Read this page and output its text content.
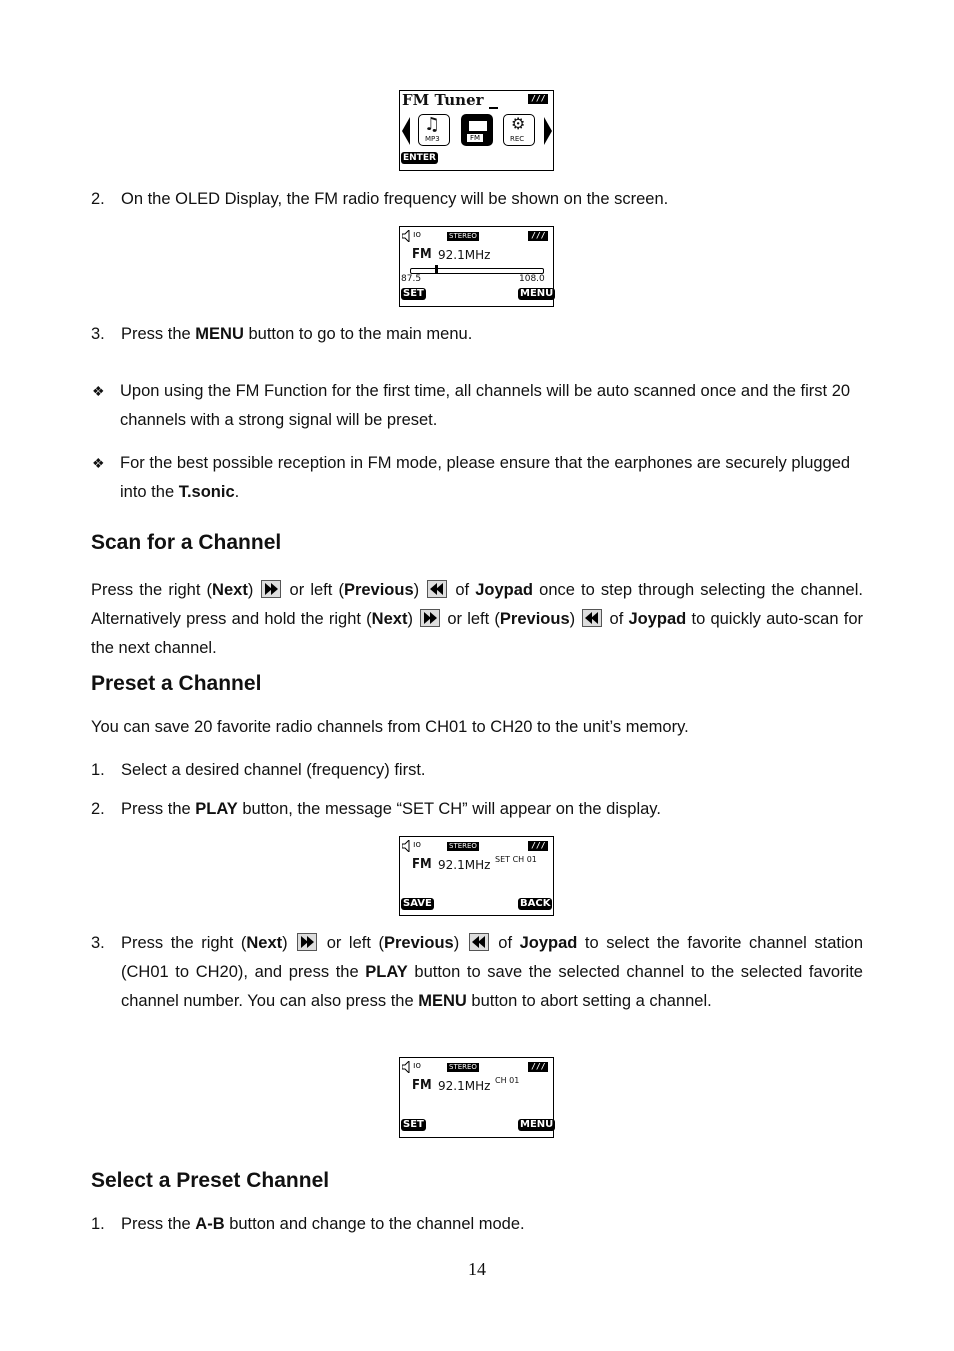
FM Tuner	///
♫
MP3	FM
⚙
REC
ENTER
2. On the OLED Display, the FM radio frequency will be shown on the screen.
ıo	STEREO	///
FM 92.1MHz
87.5	108.0
SET	MENU
3. Press the MENU button to go to the main menu.
❖ Upon using the FM Function for the first time, all channels will be auto scanned once and the first 20 channels with a strong signal will be preset.
❖ For the best possible reception in FM mode, please ensure that the earphones are securely plugged into the T.sonic.
Scan for a Channel
Press the right (Next)  or left (Previous)  of Joypad once to step through selecting the channel. Alternatively press and hold the right (Next)  or left (Previous)  of Joypad to quickly auto-scan for the next channel.
Preset a Channel
You can save 20 favorite radio channels from CH01 to CH20 to the unit’s memory.
1. Select a desired channel (frequency) first.
2. Press the PLAY button, the message “SET CH” will appear on the display.
ıo	STEREO	///
FM 92.1MHz SET CH 01
SAVE	BACK
3. Press the right (Next)  or left (Previous)  of Joypad to select the favorite channel station (CH01 to CH20), and press the PLAY button to save the selected channel to the selected favorite channel number. You can also press the MENU button to abort setting a channel.
ıo	STEREO	///
FM 92.1MHz CH 01
SET	MENU
Select a Preset Channel
1. Press the A-B button and change to the channel mode.
14
